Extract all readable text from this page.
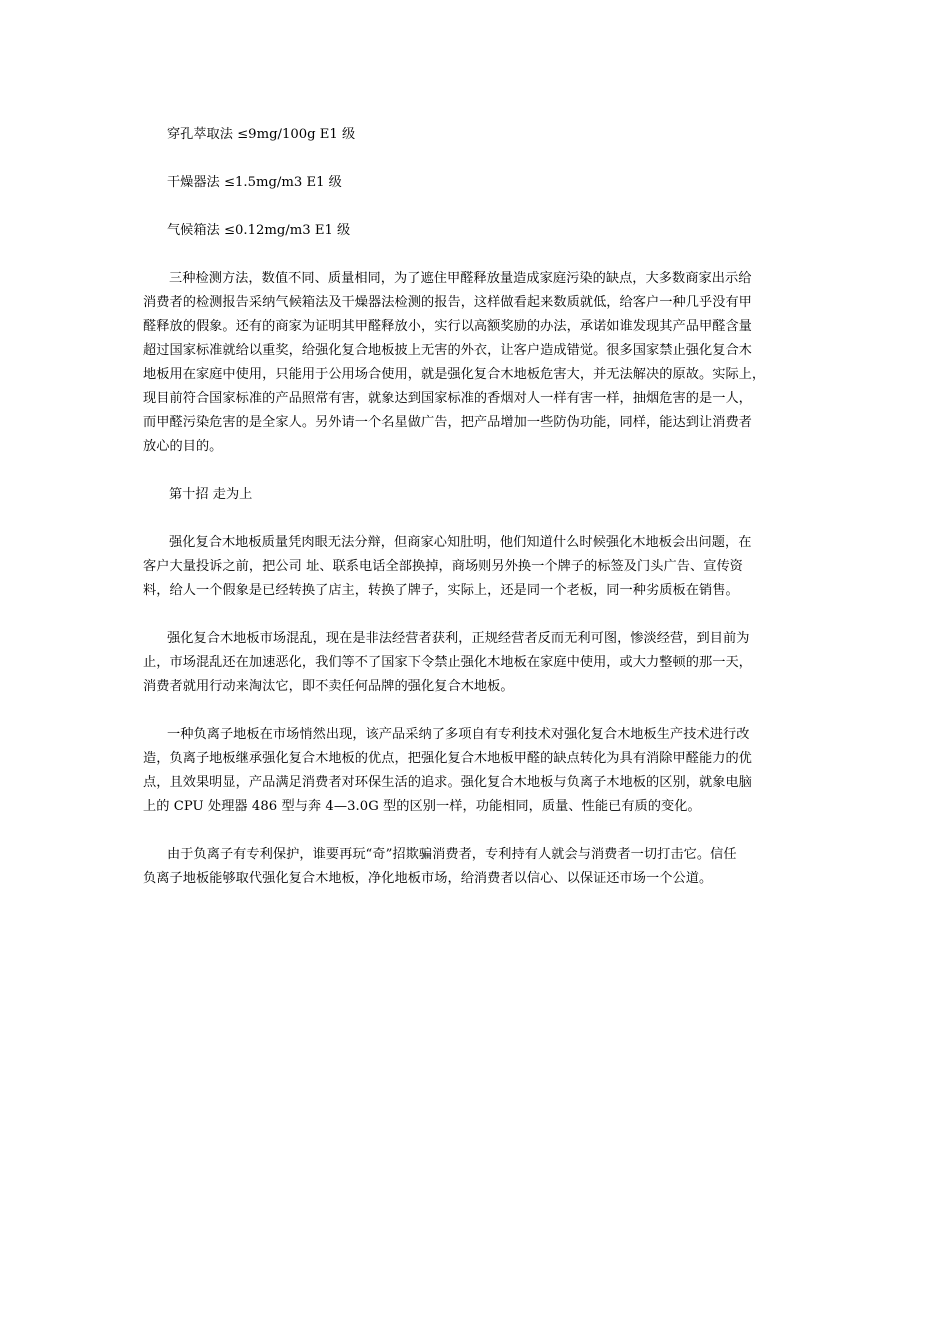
穿孔萃取法 ≤9mg/100g E1 级

干燥器法 ≤1.5mg/m3 E1 级

气候箱法 ≤0.12mg/m3 E1 级

三种检测方法，数值不同、质量相同，为了遮住甲醛释放量造成家庭污染的缺点，大多数商家出示给
消费者的检测报告采纳气候箱法及干燥器法检测的报告，这样做看起来数质就低，给客户一种几乎没有甲
醛释放的假象。还有的商家为证明其甲醛释放小，实行以高额奖励的办法，承诺如谁发现其产品甲醛含量
超过国家标准就给以重奖，给强化复合地板披上无害的外衣，让客户造成错觉。很多国家禁止强化复合木
地板用在家庭中使用，只能用于公用场合使用，就是强化复合木地板危害大，并无法解决的原故。实际上，
现目前符合国家标准的产品照常有害，就象达到国家标准的香烟对人一样有害一样，抽烟危害的是一人，
而甲醛污染危害的是全家人。另外请一个名星做广告，把产品增加一些防伪功能，同样，能达到让消费者
放心的目的。

第十招 走为上

强化复合木地板质量凭肉眼无法分辩，但商家心知肚明，他们知道什么时候强化木地板会出问题，在
客户大量投诉之前，把公司 址、联系电话全部换掉，商场则另外换一个牌子的标签及门头广告、宣传资
料，给人一个假象是已经转换了店主，转换了牌子，实际上，还是同一个老板，同一种劣质板在销售。
强化复合木地板市场混乱，现在是非法经营者获利，正规经营者反而无利可图，惨淡经营，到目前为
止，市场混乱还在加速恶化，我们等不了国家下令禁止强化木地板在家庭中使用，或大力整顿的那一天，
消费者就用行动来淘汰它，即不卖任何品牌的强化复合木地板。
一种负离子地板在市场悄然出现，该产品采纳了多项自有专利技术对强化复合木地板生产技术进行改
造，负离子地板继承强化复合木地板的优点，把强化复合木地板甲醛的缺点转化为具有消除甲醛能力的优
点，且效果明显，产品满足消费者对环保生活的追求。强化复合木地板与负离子木地板的区别，就象电脑
上的 CPU 处理器 486 型与奔 4—3.0G 型的区别一样，功能相同，质量、性能已有质的变化。
由于负离子有专利保护，谁要再玩“奇”招欺骗消费者，专利持有人就会与消费者一切打击它。信任
负离子地板能够取代强化复合木地板，净化地板市场，给消费者以信心、以保证还市场一个公道。
